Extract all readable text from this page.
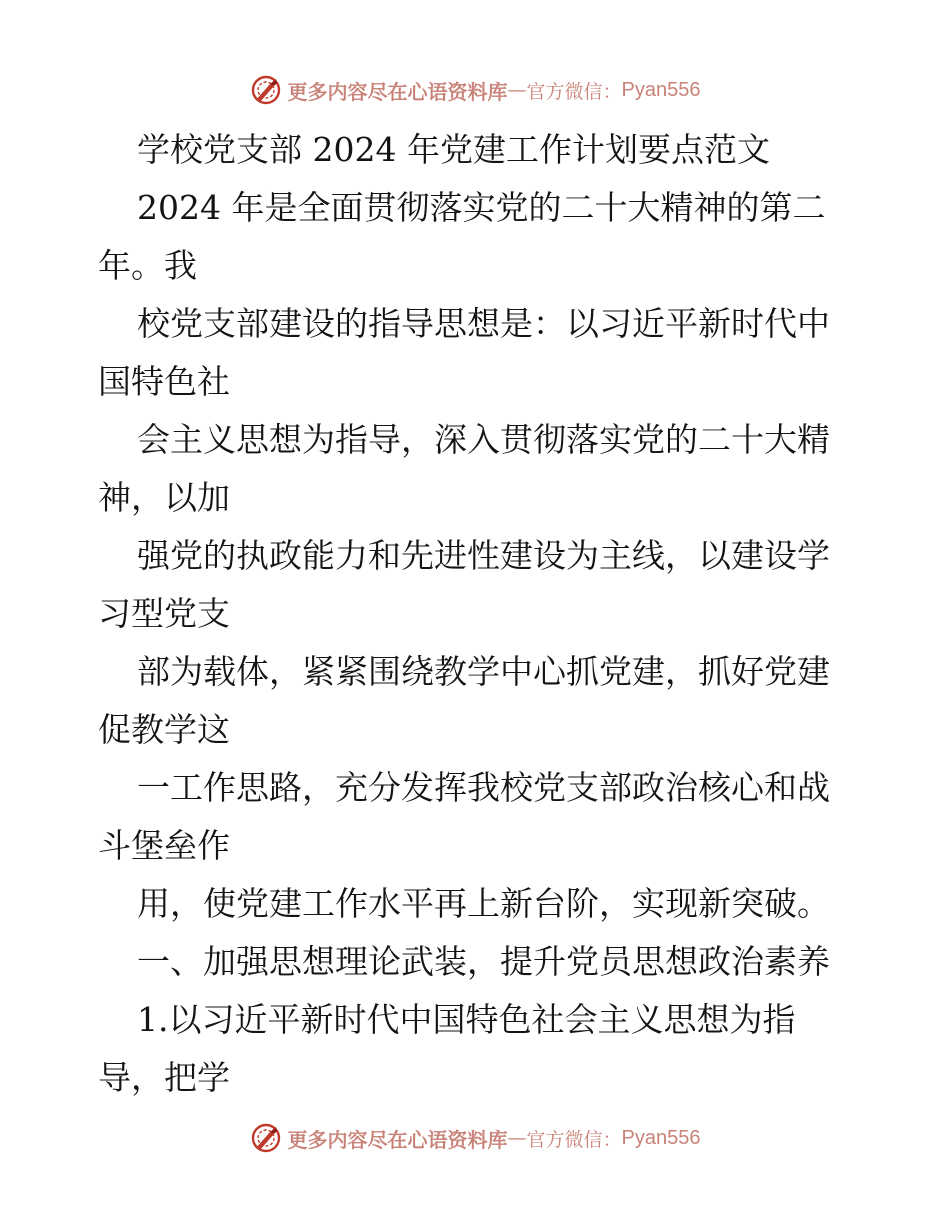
更多内容尽在心语资料库 — 官方微信： Pyan556
学校党支部 2024 年党建工作计划要点范文
2024 年是全面贯彻落实党的二十大精神的第二
年。我
校党支部建设的指导思想是：以习近平新时代中
国特色社
会主义思想为指导，深入贯彻落实党的二十大精
神，以加
强党的执政能力和先进性建设为主线，以建设学
习型党支
部为载体，紧紧围绕教学中心抓党建，抓好党建
促教学这
一工作思路，充分发挥我校党支部政治核心和战
斗堡垒作
用，使党建工作水平再上新台阶，实现新突破。
一、加强思想理论武装，提升党员思想政治素养
1.以习近平新时代中国特色社会主义思想为指
导，把学
更多内容尽在心语资料库 — 官方微信： Pyan556
